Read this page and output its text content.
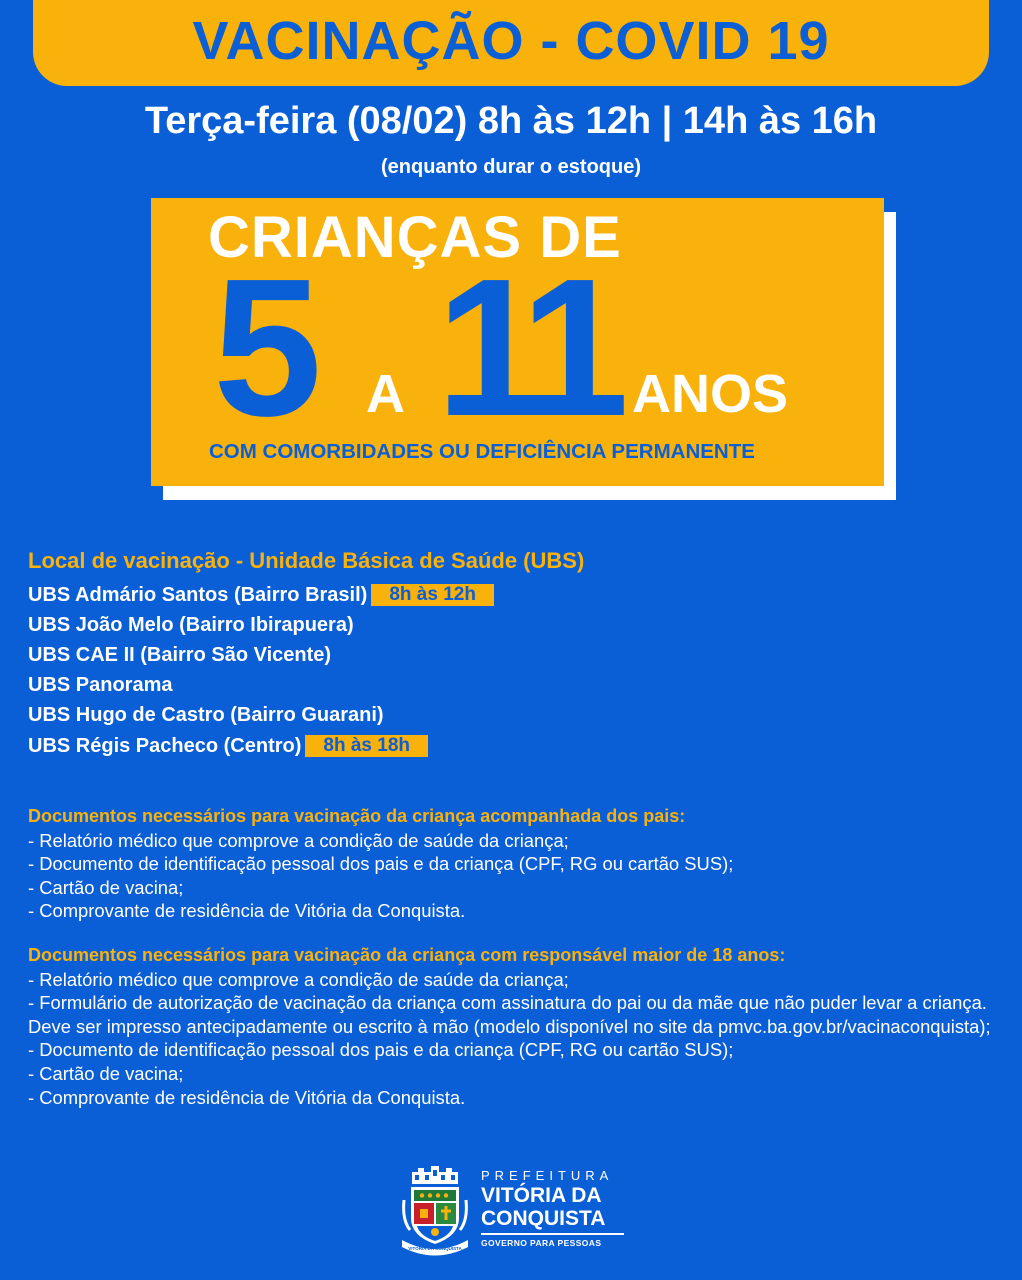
VACINAÇÃO - COVID 19
Terça-feira (08/02) 8h às 12h | 14h às 16h
(enquanto durar o estoque)
CRIANÇAS DE
5 A 11 ANOS
COM COMORBIDADES OU DEFICIÊNCIA PERMANENTE
Local de vacinação - Unidade Básica de Saúde (UBS)
UBS Admário Santos (Bairro Brasil)	8h às 12h
UBS João Melo (Bairro Ibirapuera)
UBS CAE II (Bairro São Vicente)
UBS Panorama
UBS Hugo de Castro (Bairro Guarani)
UBS Régis Pacheco (Centro)	8h às 18h
Documentos necessários para vacinação da criança acompanhada dos pais:
- Relatório médico que comprove a condição de saúde da criança;
- Documento de identificação pessoal dos pais e da criança (CPF, RG ou cartão SUS);
- Cartão de vacina;
- Comprovante de residência de Vitória da Conquista.
Documentos necessários para vacinação da criança com responsável maior de 18 anos:
- Relatório médico que comprove a condição de saúde da criança;
- Formulário de autorização de vacinação da criança com assinatura do pai ou da mãe que não puder levar a criança. Deve ser impresso antecipadamente ou escrito à mão (modelo disponível no site da pmvc.ba.gov.br/vacinaconquista);
- Documento de identificação pessoal dos pais e da criança (CPF, RG ou cartão SUS);
- Cartão de vacina;
- Comprovante de residência de Vitória da Conquista.
VITÓRIA DA CONQUISTA
PREFEITURA
VITÓRIA DA
CONQUISTA
GOVERNO PARA PESSOAS
